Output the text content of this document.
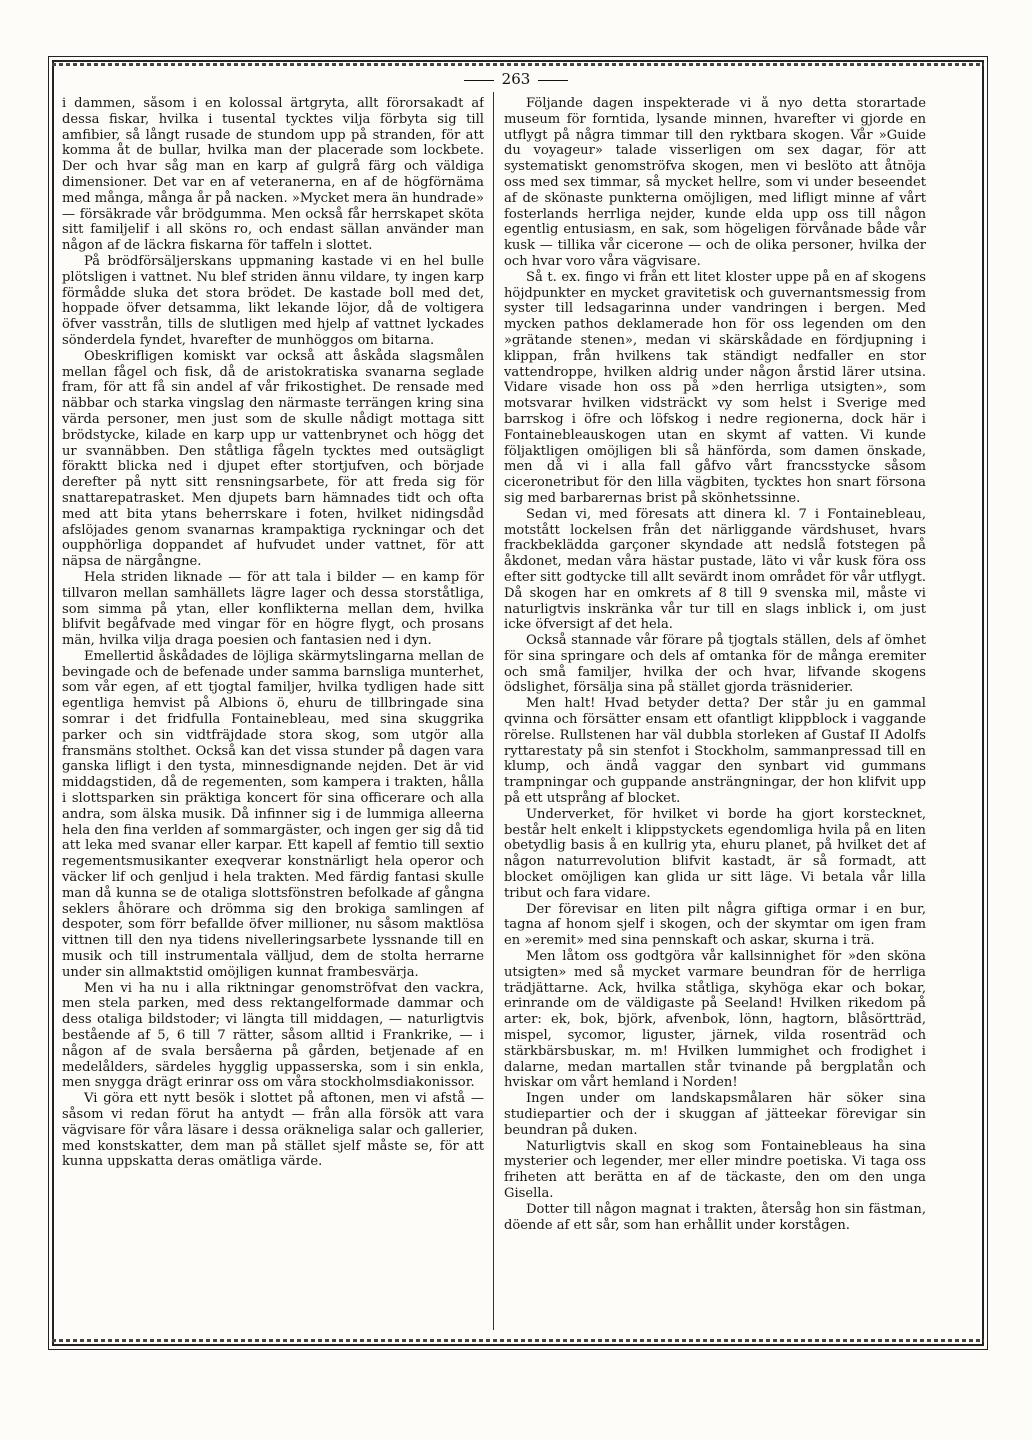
263

i dammen, såsom i en kolossal ärtgryta, allt förorsakadt af dessa fiskar, hvilka i tusental tycktes vilja förbyta sig till amfibier, så långt rusade de stundom upp på stranden, för att komma åt de bullar, hvilka man der placerade som lockbete. Der och hvar såg man en karp af gulgrå färg och väldiga dimensioner. Det var en af veteranerna, en af de högförnäma med många, många år på nacken. »Mycket mera än hundrade» — försäkrade vår brödgumma. Men också får herrskapet sköta sitt familjelif i all sköns ro, och endast sällan använder man någon af de läckra fiskarna för taffeln i slottet.

På brödförsäljerskans uppmaning kastade vi en hel bulle plötsligen i vattnet. Nu blef striden ännu vildare, ty ingen karp förmådde sluka det stora brödet. De kastade boll med det, hoppade öfver detsamma, likt lekande löjor, då de voltigera öfver vasstrån, tills de slutligen med hjelp af vattnet lyckades sönderdela fyndet, hvarefter de munhöggos om bitarna.

Obeskrifligen komiskt var också att åskåda slagsmålen mellan fågel och fisk, då de aristokratiska svanarna seglade fram, för att få sin andel af vår frikostighet. De rensade med näbbar och starka vingslag den närmaste terrängen kring sina värda personer, men just som de skulle nådigt mottaga sitt brödstycke, kilade en karp upp ur vattenbrynet och högg det ur svannäbben. Den ståtliga fågeln tycktes med outsägligt föraktt blicka ned i djupet efter stortjufven, och började derefter på nytt sitt rensningsarbete, för att freda sig för snattarepatrasket. Men djupets barn hämnades tidt och ofta med att bita ytans beherrskare i foten, hvilket nidingsdåd afslöjades genom svanarnas krampaktiga ryckningar och det oupphörliga doppandet af hufvudet under vattnet, för att näpsa de närgångne.

Hela striden liknade — för att tala i bilder — en kamp för tillvaron mellan samhällets lägre lager och dessa storståtliga, som simma på ytan, eller konflikterna mellan dem, hvilka blifvit begåfvade med vingar för en högre flygt, och prosans män, hvilka vilja draga poesien och fantasien ned i dyn.

Emellertid åskådades de löjliga skärmytslingarna mellan de bevingade och de befenade under samma barnsliga munterhet, som vår egen, af ett tjogtal familjer, hvilka tydligen hade sitt egentliga hemvist på Albions ö, ehuru de tillbringade sina somrar i det fridfulla Fontainebleau, med sina skuggrika parker och sin vidtfräjdade stora skog, som utgör alla fransmäns stolthet. Också kan det vissa stunder på dagen vara ganska lifligt i den tysta, minnesdignande nejden. Det är vid middagstiden, då de regementen, som kampera i trakten, hålla i slottsparken sin präktiga koncert för sina officerare och alla andra, som älska musik. Då infinner sig i de lummiga alleerna hela den fina verlden af sommargäster, och ingen ger sig då tid att leka med svanar eller karpar. Ett kapell af femtio till sextio regementsmusikanter exeqverar konstnärligt hela operor och väcker lif och genljud i hela trakten. Med färdig fantasi skulle man då kunna se de otaliga slottsfönstren befolkade af gångna seklers åhörare och drömma sig den brokiga samlingen af despoter, som förr befallde öfver millioner, nu såsom maktlösa vittnen till den nya tidens nivelleringsarbete lyssnande till en musik och till instrumentala välljud, dem de stolta herrarne under sin allmaktstid omöjligen kunnat frambesvärja.

Men vi ha nu i alla riktningar genomströfvat den vackra, men stela parken, med dess rektangelformade dammar och dess otaliga bildstoder; vi längta till middagen, — naturligtvis bestående af 5, 6 till 7 rätter, såsom alltid i Frankrike, — i någon af de svala bersåerna på gården, betjenade af en medelålders, särdeles hygglig uppasserska, som i sin enkla, men snygga drägt erinrar oss om våra stockholmsdiakonissor.

Vi göra ett nytt besök i slottet på aftonen, men vi afstå — såsom vi redan förut ha antydt — från alla försök att vara vägvisare för våra läsare i dessa oräkneliga salar och gallerier, med konstskatter, dem man på stället sjelf måste se, för att kunna uppskatta deras omätliga värde.

Följande dagen inspekterade vi å nyo detta storartade museum för forntida, lysande minnen, hvarefter vi gjorde en utflygt på några timmar till den ryktbara skogen. Vår »Guide du voyageur» talade visserligen om sex dagar, för att systematiskt genomströfva skogen, men vi beslöto att åtnöja oss med sex timmar, så mycket hellre, som vi under beseendet af de skönaste punkterna omöjligen, med lifligt minne af vårt fosterlands herrliga nejder, kunde elda upp oss till någon egentlig entusiasm, en sak, som högeligen förvånade både vår kusk — tillika vår cicerone — och de olika personer, hvilka der och hvar voro våra vägvisare.

Så t. ex. fingo vi från ett litet kloster uppe på en af skogens höjdpunkter en mycket gravitetisk och guvernantsmessig from syster till ledsagarinna under vandringen i bergen. Med mycken pathos deklamerade hon för oss legenden om den »grätande stenen», medan vi skärskådade en fördjupning i klippan, från hvilkens tak ständigt nedfaller en stor vattendroppe, hvilken aldrig under någon årstid lärer utsina. Vidare visade hon oss på »den herrliga utsigten», som motsvarar hvilken vidsträckt vy som helst i Sverige med barrskog i öfre och löfskog i nedre regionerna, dock här i Fontainebleauskogen utan en skymt af vatten. Vi kunde följaktligen omöjligen bli så hänförda, som damen önskade, men då vi i alla fall gåfvo vårt francsstycke såsom ciceronetribut för den lilla vägbiten, tycktes hon snart försona sig med barbarernas brist på skönhetssinne.

Sedan vi, med föresats att dinera kl. 7 i Fontainebleau, motstått lockelsen från det närliggande värdshuset, hvars frackbeklädda garçoner skyndade att nedslå fotstegen på åkdonet, medan våra hästar pustade, läto vi vår kusk föra oss efter sitt godtycke till allt sevärdt inom området för vår utflygt. Då skogen har en omkrets af 8 till 9 svenska mil, måste vi naturligtvis inskränka vår tur till en slags inblick i, om just icke öfversigt af det hela.

Också stannade vår förare på tjogtals ställen, dels af ömhet för sina springare och dels af omtanka för de många eremiter och små familjer, hvilka der och hvar, lifvande skogens ödslighet, försälja sina på stället gjorda träsniderier.

Men halt! Hvad betyder detta? Der står ju en gammal qvinna och försätter ensam ett ofantligt klippblock i vaggande rörelse. Rullstenen har väl dubbla storleken af Gustaf II Adolfs ryttarestaty på sin stenfot i Stockholm, sammanpressad till en klump, och ändå vaggar den synbart vid gummans trampningar och guppande ansträngningar, der hon klifvit upp på ett utsprång af blocket.

Underverket, för hvilket vi borde ha gjort korstecknet, består helt enkelt i klippstyckets egendomliga hvila på en liten obetydlig basis å en kullrig yta, ehuru planet, på hvilket det af någon naturrevolution blifvit kastadt, är så formadt, att blocket omöjligen kan glida ur sitt läge. Vi betala vår lilla tribut och fara vidare.

Der förevisar en liten pilt några giftiga ormar i en bur, tagna af honom sjelf i skogen, och der skymtar om igen fram en »eremit» med sina pennskaft och askar, skurna i trä.

Men låtom oss godtgöra vår kallsinnighet för »den sköna utsigten» med så mycket varmare beundran för de herrliga trädjättarne. Ack, hvilka ståtliga, skyhöga ekar och bokar, erinrande om de väldigaste på Seeland! Hvilken rikedom på arter: ek, bok, björk, afvenbok, lönn, hagtorn, blåsörtträd, mispel, sycomor, liguster, järnek, vilda rosenträd och stärkbärsbuskar, m. m! Hvilken lummighet och frodighet i dalarne, medan martallen står tvinande på bergplatån och hviskar om vårt hemland i Norden!

Ingen under om landskapsmålaren här söker sina studiepartier och der i skuggan af jätteekar förevigar sin beundran på duken.

Naturligtvis skall en skog som Fontainebleaus ha sina mysterier och legender, mer eller mindre poetiska. Vi taga oss friheten att berätta en af de täckaste, den om den unga Gisella.

Dotter till någon magnat i trakten, återsåg hon sin fästman, döende af ett sår, som han erhållit under korstågen.
